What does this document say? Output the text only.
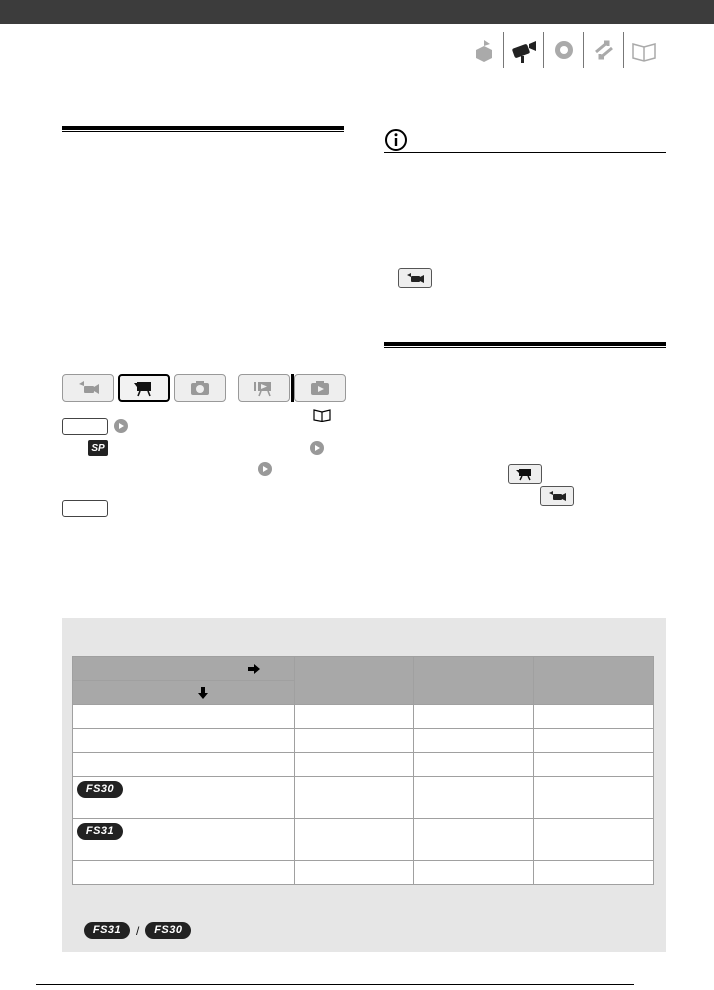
SP

FS30			
FS31			

FS31	/	FS30
